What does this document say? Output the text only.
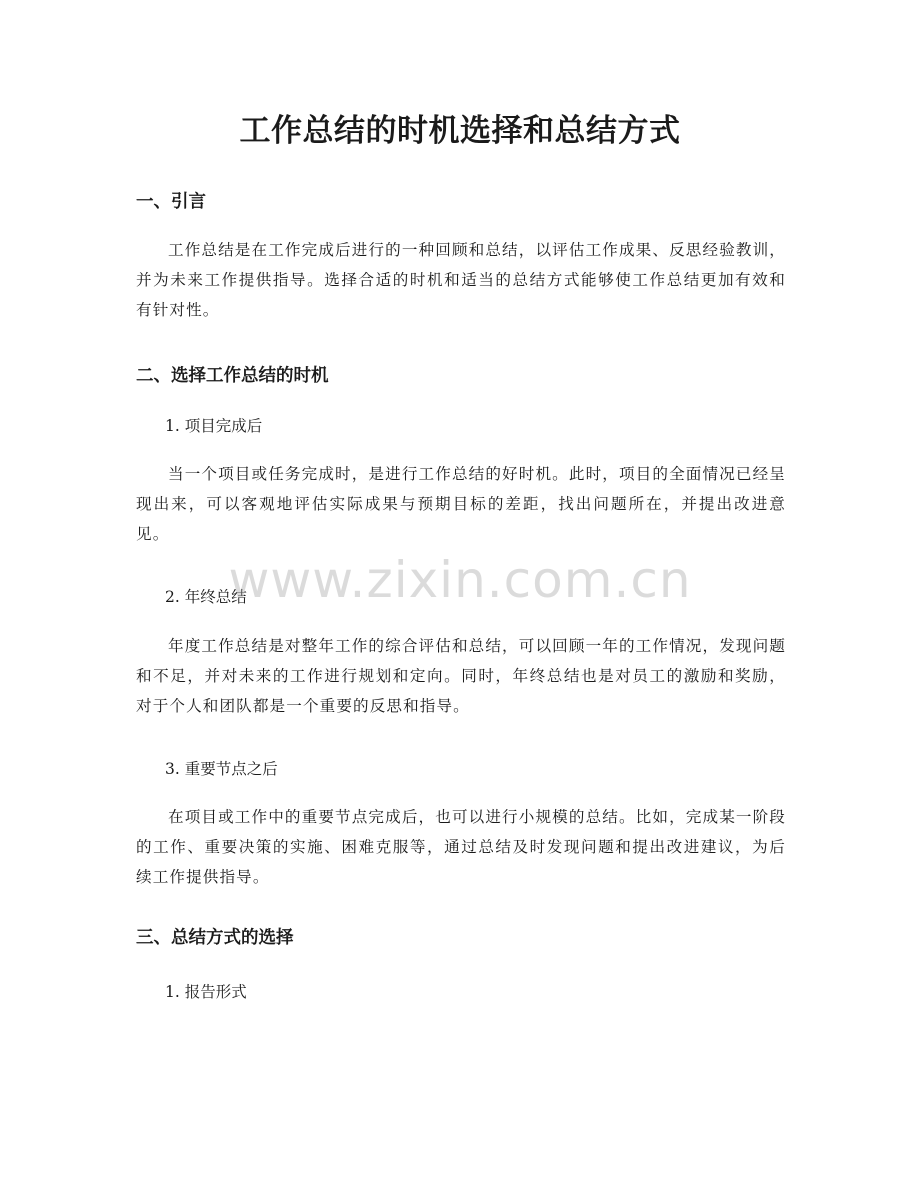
工作总结的时机选择和总结方式
一、引言

工作总结是在工作完成后进行的一种回顾和总结，以评估工作成果、反思经验教训，并为未来工作提供指导。选择合适的时机和适当的总结方式能够使工作总结更加有效和有针对性。

二、选择工作总结的时机

1. 项目完成后

当一个项目或任务完成时，是进行工作总结的好时机。此时，项目的全面情况已经呈现出来，可以客观地评估实际成果与预期目标的差距，找出问题所在，并提出改进意见。

2. 年终总结

年度工作总结是对整年工作的综合评估和总结，可以回顾一年的工作情况，发现问题和不足，并对未来的工作进行规划和定向。同时，年终总结也是对员工的激励和奖励，对于个人和团队都是一个重要的反思和指导。

3. 重要节点之后

在项目或工作中的重要节点完成后，也可以进行小规模的总结。比如，完成某一阶段的工作、重要决策的实施、困难克服等，通过总结及时发现问题和提出改进建议，为后续工作提供指导。

三、总结方式的选择

1. 报告形式

www.zixin.com.cn
